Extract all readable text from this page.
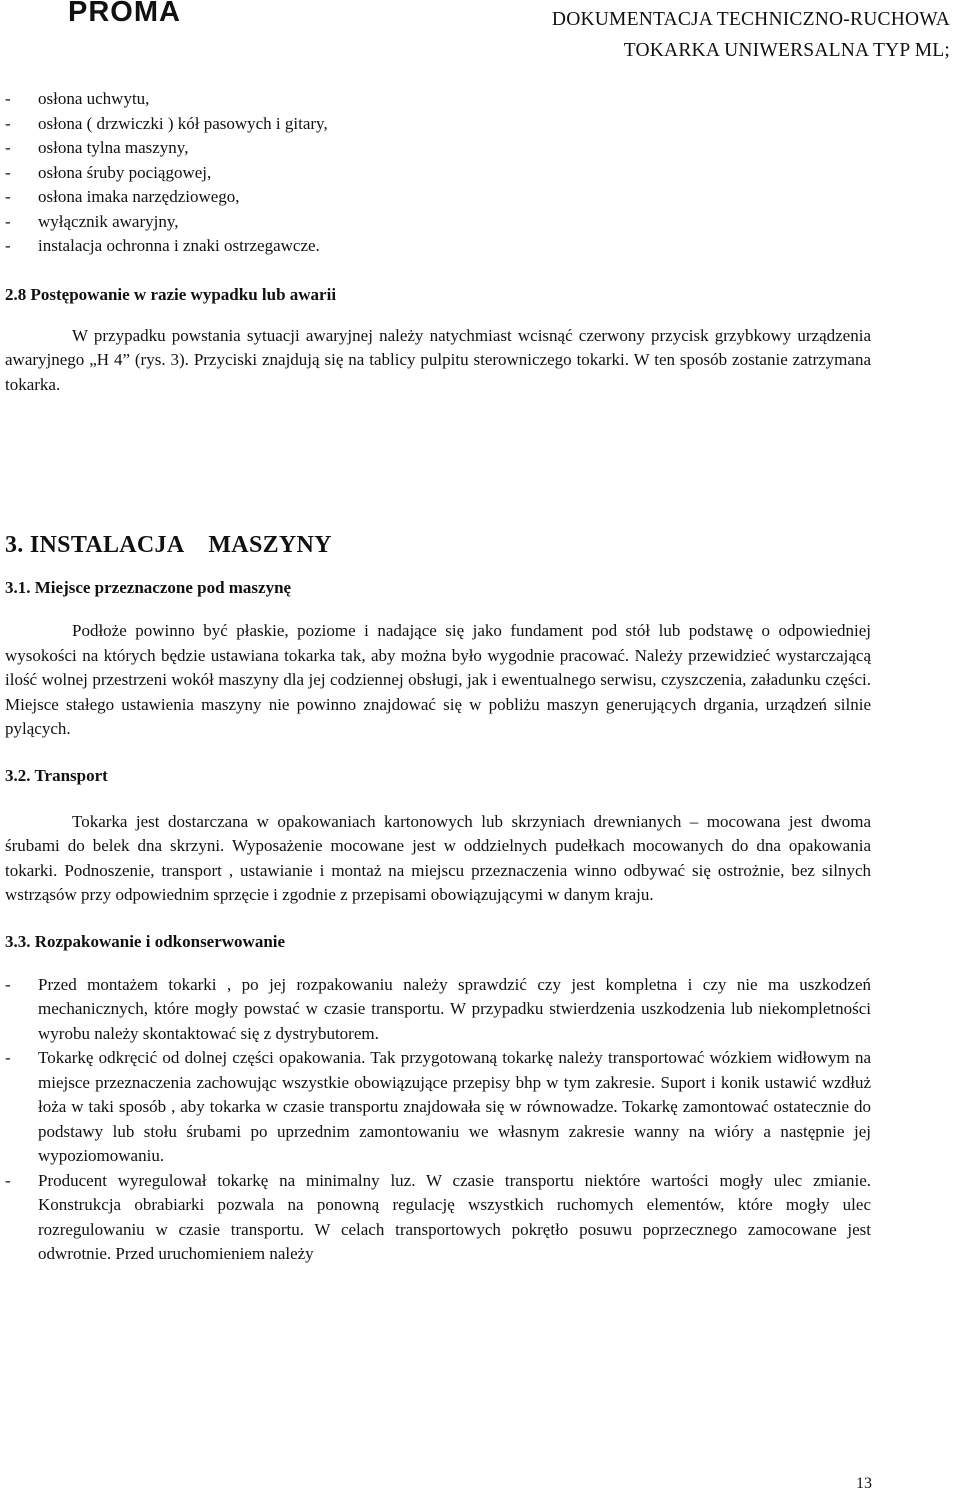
PROMA	DOKUMENTACJA TECHNICZNO-RUCHOWA
TOKARKA UNIWERSALNA TYP ML;
- osłona uchwytu,
- osłona ( drzwiczki ) kół pasowych i gitary,
- osłona tylna maszyny,
- osłona śruby pociągowej,
- osłona imaka narzędziowego,
- wyłącznik awaryjny,
- instalacja ochronna i znaki ostrzegawcze.
2.8 Postępowanie w razie wypadku lub awarii

W przypadku powstania sytuacji awaryjnej należy natychmiast wcisnąć czerwony przycisk grzybkowy urządzenia awaryjnego „H 4” (rys. 3). Przyciski znajdują się na tablicy pulpitu sterowniczego tokarki. W ten sposób zostanie zatrzymana tokarka.

3. INSTALACJA    MASZYNY
3.1. Miejsce przeznaczone pod maszynę

Podłoże powinno być płaskie, poziome i nadające się jako fundament pod stół lub podstawę o odpowiedniej wysokości na których będzie ustawiana tokarka tak, aby można było wygodnie pracować. Należy przewidzieć wystarczającą ilość wolnej przestrzeni wokół maszyny dla jej codziennej obsługi, jak i ewentualnego serwisu, czyszczenia, załadunku części. Miejsce stałego ustawienia maszyny nie powinno znajdować się w pobliżu maszyn generujących drgania, urządzeń silnie pylących.

3.2. Transport

Tokarka jest dostarczana w opakowaniach kartonowych lub skrzyniach drewnianych – mocowana jest dwoma śrubami do belek dna skrzyni. Wyposażenie mocowane jest w oddzielnych pudełkach mocowanych do dna opakowania tokarki. Podnoszenie, transport , ustawianie i montaż na miejscu przeznaczenia winno odbywać się ostrożnie, bez silnych wstrząsów przy odpowiednim sprzęcie i zgodnie z przepisami obowiązującymi w danym kraju.

3.3. Rozpakowanie i odkonserwowanie
- Przed montażem tokarki , po jej rozpakowaniu należy sprawdzić czy jest kompletna i czy nie ma uszkodzeń mechanicznych, które mogły powstać w czasie transportu. W przypadku stwierdzenia uszkodzenia lub niekompletności wyrobu należy skontaktować się z dystrybutorem.

- Tokarkę odkręcić od dolnej części opakowania. Tak przygotowaną tokarkę należy transportować wózkiem widłowym na miejsce przeznaczenia zachowując wszystkie obowiązujące przepisy bhp w tym zakresie. Suport i konik ustawić wzdłuż łoża w taki sposób , aby tokarka w czasie transportu znajdowała się w równowadze. Tokarkę zamontować ostatecznie do podstawy lub stołu śrubami po uprzednim zamontowaniu we własnym zakresie wanny na wióry a następnie jej wypoziomowaniu.

- Producent wyregulował tokarkę na minimalny luz. W czasie transportu niektóre wartości mogły ulec zmianie. Konstrukcja obrabiarki pozwala na ponowną regulację wszystkich ruchomych elementów, które mogły ulec rozregulowaniu w czasie transportu. W celach transportowych pokrętło posuwu poprzecznego zamocowane jest odwrotnie. Przed uruchomieniem należy

13
